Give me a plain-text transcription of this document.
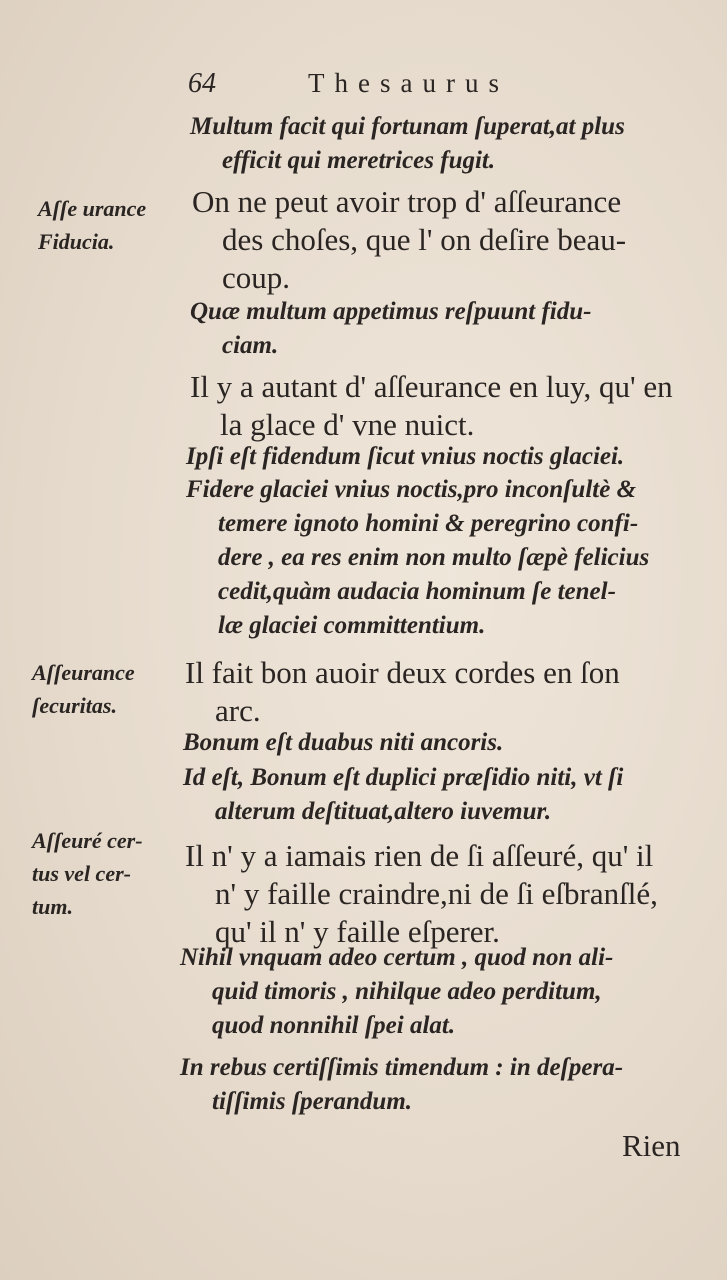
64	Thesaurus
Multum facit qui fortunam ſuperat,at plus
efficit qui meretrices fugit.
Aſſe urance
Fiducia.
On ne peut avoir trop d' aſſeurance
des choſes, que l' on deſire beau-
coup.
Quæ multum appetimus reſpuunt fidu-
ciam.
Il y a autant d' aſſeurance en luy, qu' en
la glace d' vne nuict.
Ipſi eſt fidendum ſicut vnius noctis glaciei.
Fidere glaciei vnius noctis,pro inconſultè &
temere ignoto homini & peregrino confi-
dere , ea res enim non multo ſæpè felicius
cedit,quàm audacia hominum ſe tenel-
læ glaciei committentium.
Aſſeurance
ſecuritas.
Il fait bon auoir deux cordes en ſon
arc.
Bonum eſt duabus niti ancoris.
Id eſt, Bonum eſt duplici præſidio niti, vt ſi
alterum deſtituat,altero iuvemur.
Aſſeuré cer-
tus vel cer-
tum.
Il n' y a iamais rien de ſi aſſeuré, qu' il
n' y faille craindre,ni de ſi eſbranſlé,
qu' il n' y faille eſperer.
Nihil vnquam adeo certum , quod non ali-
quid timoris , nihilque adeo perditum,
quod nonnihil ſpei alat.
In rebus certiſſimis timendum : in deſpera-
tiſſimis ſperandum.
Rien
